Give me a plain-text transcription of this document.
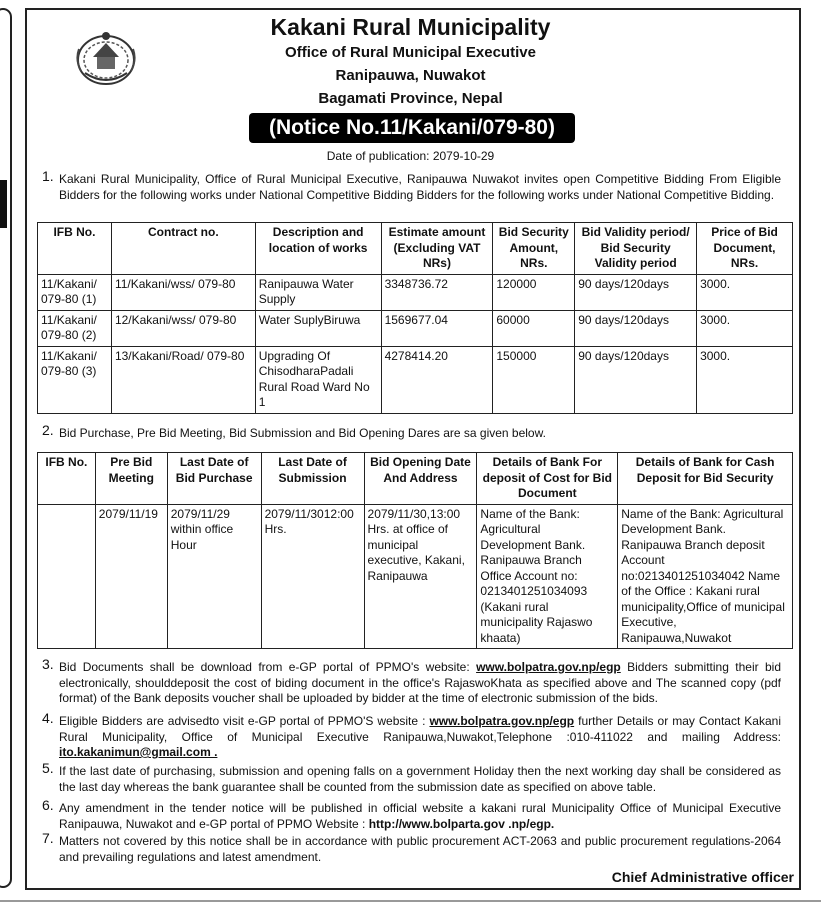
Kakani Rural Municipality
Office of Rural Municipal Executive
Ranipauwa, Nuwakot
Bagamati Province, Nepal
(Notice No.11/Kakani/079-80)
Date of publication: 2079-10-29
1. Kakani Rural Municipality, Office of Rural Municipal Executive, Ranipauwa Nuwakot invites open Competitive Bidding From Eligible Bidders for the following works under National Competitive Bidding Bidders for the following works under National Competitive Bidding.
IFB No.	Contract no.	Description and location of works	Estimate amount (Excluding VAT NRs)	Bid Security Amount, NRs.	Bid Validity period/ Bid Security Validity period	Price of Bid Document, NRs.
11/Kakani/ 079-80 (1)	11/Kakani/wss/ 079-80	Ranipauwa Water Supply	3348736.72	120000	90 days/120days	3000.
11/Kakani/ 079-80 (2)	12/Kakani/wss/ 079-80	Water SuplyBiruwa	1569677.04	60000	90 days/120days	3000.
11/Kakani/ 079-80 (3)	13/Kakani/Road/ 079-80	Upgrading Of ChisodharaPadali Rural Road Ward No 1	4278414.20	150000	90 days/120days	3000.
2. Bid Purchase, Pre Bid Meeting, Bid Submission and Bid Opening Dares are sa given below.
IFB No.	Pre Bid Meeting	Last Date of Bid Purchase	Last Date of Submission	Bid Opening Date And Address	Details of Bank For deposit of Cost for Bid Document	Details of Bank for Cash Deposit for Bid Security
	2079/11/19	2079/11/29 within office Hour	2079/11/3012:00 Hrs.	2079/11/30,13:00 Hrs. at office of municipal executive, Kakani, Ranipauwa	Name of the Bank: Agricultural Development Bank. Ranipauwa Branch Office Account no: 0213401251034093 (Kakani rural municipality Rajaswo khaata)	Name of the Bank: Agricultural Development Bank. Ranipauwa Branch deposit Account no:0213401251034042 Name of the Office : Kakani rural municipality,Office of municipal Executive, Ranipauwa,Nuwakot
3. Bid Documents shall be download from e-GP portal of PPMO's website: www.bolpatra.gov.np/egp Bidders submitting their bid electronically, shoulddeposit the cost of biding document in the office's RajaswoKhata as specified above and The scanned copy (pdf format) of the Bank deposits voucher shall be uploaded by bidder at the time of electronic submission of the bids.
4. Eligible Bidders are advisedto visit e-GP portal of PPMO'S website : www.bolpatra.gov.np/egp further Details or may Contact Kakani Rural Municipality, Office of Municipal Executive Ranipauwa,Nuwakot,Telephone :010-411022 and mailing Address: ito.kakanimun@gmail.com .
5. If the last date of purchasing, submission and opening falls on a government Holiday then the next working day shall be considered as the last day whereas the bank guarantee shall be counted from the submission date as specified on above table.
6. Any amendment in the tender notice will be published in official website a kakani rural Municipality Office of Municipal Executive Ranipauwa, Nuwakot and e-GP portal of PPMO Website : http://www.bolparta.gov .np/egp.
7. Matters not covered by this notice shall be in accordance with public procurement ACT-2063 and public procurement regulations-2064 and prevailing regulations and latest amendment.
Chief Administrative officer
